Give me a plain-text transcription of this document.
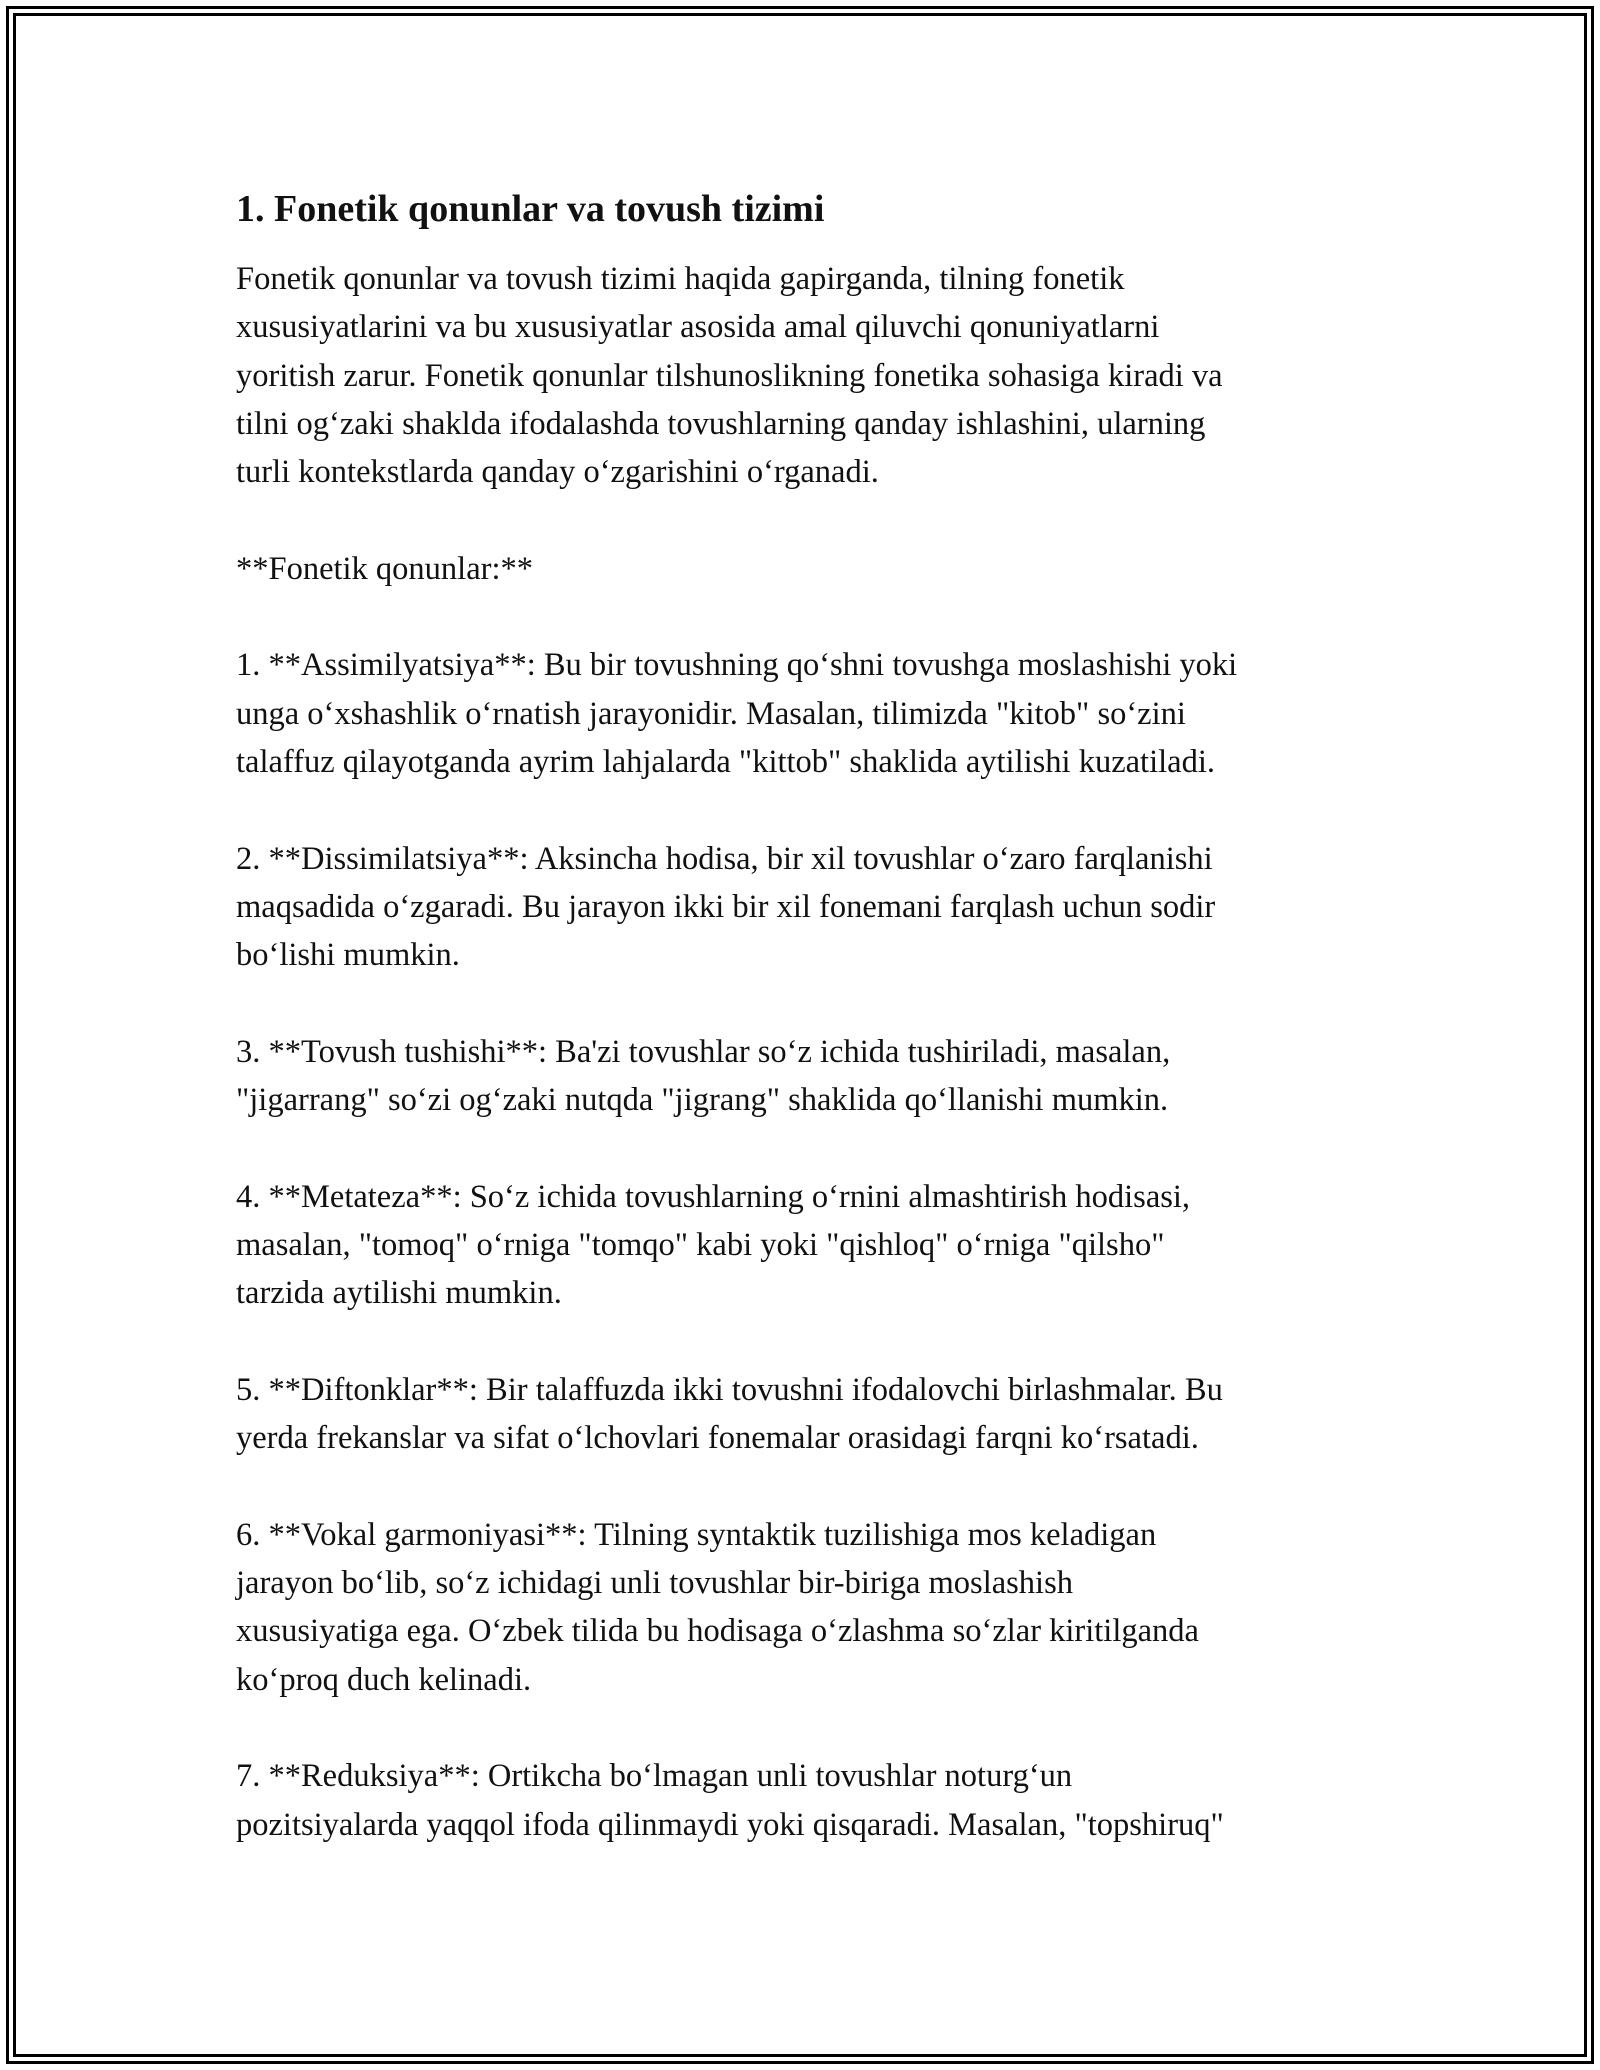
1. Fonetik qonunlar va tovush tizimi

Fonetik qonunlar va tovush tizimi haqida gapirganda, tilning fonetik
xususiyatlarini va bu xususiyatlar asosida amal qiluvchi qonuniyatlarni
yoritish zarur. Fonetik qonunlar tilshunoslikning fonetika sohasiga kiradi va
tilni og‘zaki shaklda ifodalashda tovushlarning qanday ishlashini, ularning
turli kontekstlarda qanday o‘zgarishini o‘rganadi.

**Fonetik qonunlar:**

1. **Assimilyatsiya**: Bu bir tovushning qo‘shni tovushga moslashishi yoki
unga o‘xshashlik o‘rnatish jarayonidir. Masalan, tilimizda "kitob" so‘zini
talaffuz qilayotganda ayrim lahjalarda "kittob" shaklida aytilishi kuzatiladi.

2. **Dissimilatsiya**: Aksincha hodisa, bir xil tovushlar o‘zaro farqlanishi
maqsadida o‘zgaradi. Bu jarayon ikki bir xil fonemani farqlash uchun sodir
bo‘lishi mumkin.

3. **Tovush tushishi**: Ba'zi tovushlar so‘z ichida tushiriladi, masalan,
"jigarrang" so‘zi og‘zaki nutqda "jigrang" shaklida qo‘llanishi mumkin.

4. **Metateza**: So‘z ichida tovushlarning o‘rnini almashtirish hodisasi,
masalan, "tomoq" o‘rniga "tomqo" kabi yoki "qishloq" o‘rniga "qilsho"
tarzida aytilishi mumkin.

5. **Diftonklar**: Bir talaffuzda ikki tovushni ifodalovchi birlashmalar. Bu
yerda frekanslar va sifat o‘lchovlari fonemalar orasidagi farqni ko‘rsatadi.

6. **Vokal garmoniyasi**: Tilning syntaktik tuzilishiga mos keladigan
jarayon bo‘lib, so‘z ichidagi unli tovushlar bir-biriga moslashish
xususiyatiga ega. O‘zbek tilida bu hodisaga o‘zlashma so‘zlar kiritilganda
ko‘proq duch kelinadi.

7. **Reduksiya**: Ortikcha bo‘lmagan unli tovushlar noturg‘un
pozitsiyalarda yaqqol ifoda qilinmaydi yoki qisqaradi. Masalan, "topshiruq"
